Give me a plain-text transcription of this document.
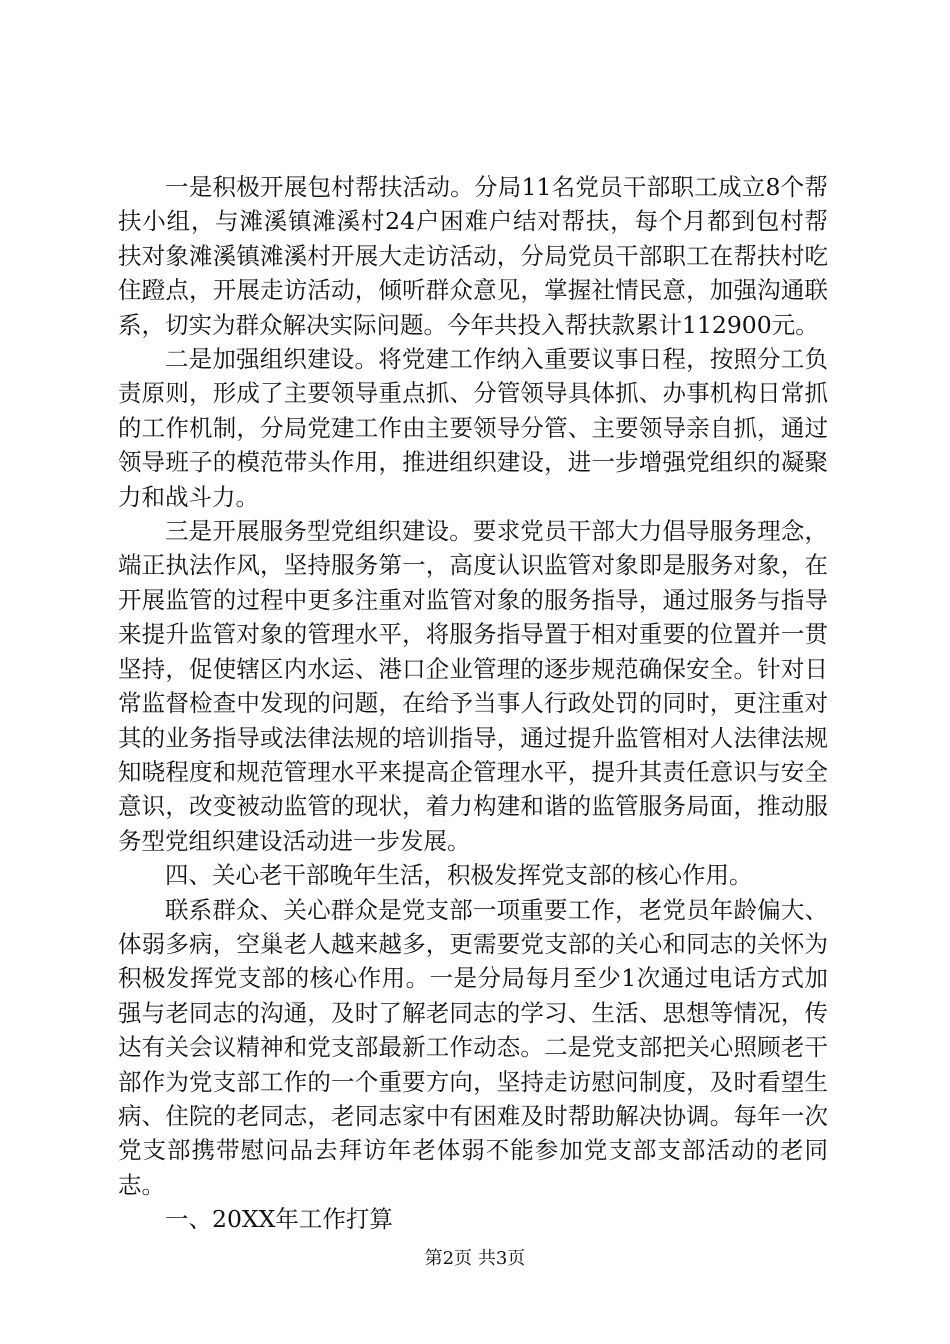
一是积极开展包村帮扶活动。分局11名党员干部职工成立8个帮扶小组，与滩溪镇滩溪村24户困难户结对帮扶，每个月都到包村帮扶对象滩溪镇滩溪村开展大走访活动，分局党员干部职工在帮扶村吃住蹬点，开展走访活动，倾听群众意见，掌握社情民意，加强沟通联系，切实为群众解决实际问题。今年共投入帮扶款累计112900元。

二是加强组织建设。将党建工作纳入重要议事日程，按照分工负责原则，形成了主要领导重点抓、分管领导具体抓、办事机构日常抓的工作机制，分局党建工作由主要领导分管、主要领导亲自抓，通过领导班子的模范带头作用，推进组织建设，进一步增强党组织的凝聚力和战斗力。

三是开展服务型党组织建设。要求党员干部大力倡导服务理念，端正执法作风，坚持服务第一，高度认识监管对象即是服务对象，在开展监管的过程中更多注重对监管对象的服务指导，通过服务与指导来提升监管对象的管理水平，将服务指导置于相对重要的位置并一贯坚持，促使辖区内水运、港口企业管理的逐步规范确保安全。针对日常监督检查中发现的问题，在给予当事人行政处罚的同时，更注重对其的业务指导或法律法规的培训指导，通过提升监管相对人法律法规知晓程度和规范管理水平来提高企管理水平，提升其责任意识与安全意识，改变被动监管的现状，着力构建和谐的监管服务局面，推动服务型党组织建设活动进一步发展。

四、关心老干部晚年生活，积极发挥党支部的核心作用。

联系群众、关心群众是党支部一项重要工作，老党员年龄偏大、体弱多病，空巢老人越来越多，更需要党支部的关心和同志的关怀为积极发挥党支部的核心作用。一是分局每月至少1次通过电话方式加强与老同志的沟通，及时了解老同志的学习、生活、思想等情况，传达有关会议精神和党支部最新工作动态。二是党支部把关心照顾老干部作为党支部工作的一个重要方向，坚持走访慰问制度，及时看望生病、住院的老同志，老同志家中有困难及时帮助解决协调。每年一次党支部携带慰问品去拜访年老体弱不能参加党支部支部活动的老同志。

一、20XX年工作打算

第2页 共3页
